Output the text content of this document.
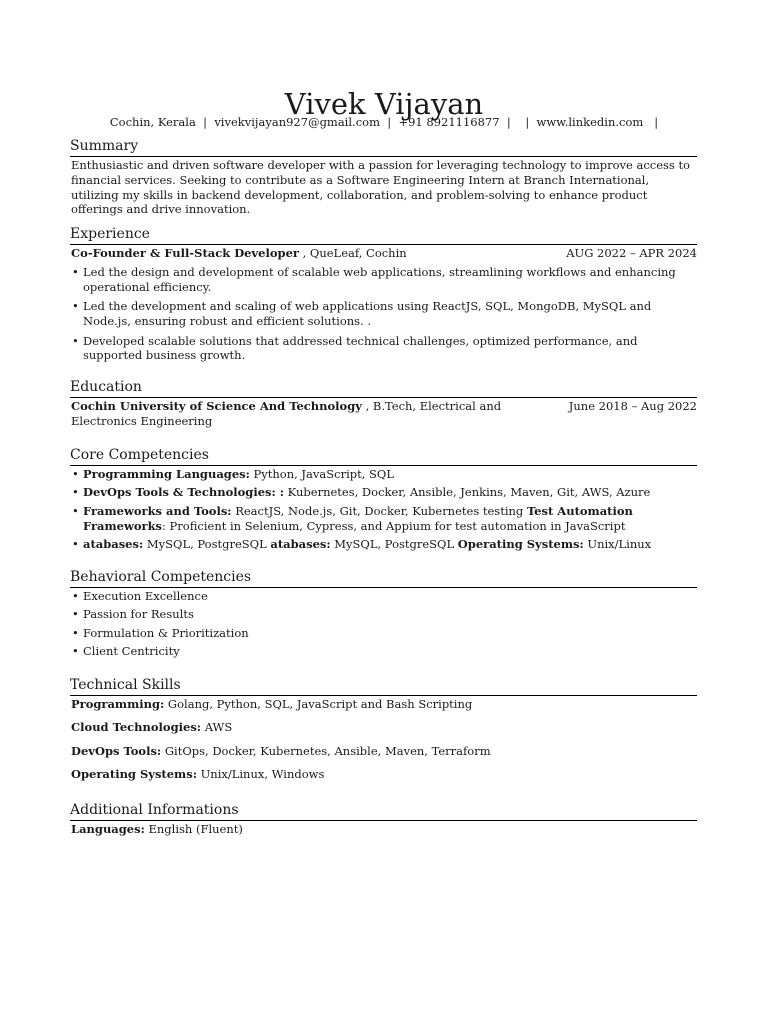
Vivek Vijayan
Cochin, Kerala  |  vivekvijayan927@gmail.com  |  +91 8921116877  |    |  www.linkedin.com   |
Summary
Enthusiastic and driven software developer with a passion for leveraging technology to improve access to financial services. Seeking to contribute as a Software Engineering Intern at Branch International, utilizing my skills in backend development, collaboration, and problem-solving to enhance product offerings and drive innovation.
Experience
Co-Founder & Full-Stack Developer , QueLeaf, Cochin	AUG 2022 – APR 2024
• Led the design and development of scalable web applications, streamlining workflows and enhancing operational efficiency.
• Led the development and scaling of web applications using ReactJS, SQL, MongoDB, MySQL and Node.js, ensuring robust and efficient solutions. .
• Developed scalable solutions that addressed technical challenges, optimized performance, and supported business growth.
Education
Cochin University of Science And Technology , B.Tech, Electrical and Electronics Engineering
June 2018 – Aug 2022
Core Competencies
• Programming Languages: Python, JavaScript, SQL
• DevOps Tools & Technologies: : Kubernetes, Docker, Ansible, Jenkins, Maven, Git, AWS, Azure
• Frameworks and Tools: ReactJS, Node.js, Git, Docker, Kubernetes testing Test Automation Frameworks: Proficient in Selenium, Cypress, and Appium for test automation in JavaScript
• atabases: MySQL, PostgreSQL atabases: MySQL, PostgreSQL Operating Systems: Unix/Linux
Behavioral Competencies
• Execution Excellence
• Passion for Results
• Formulation & Prioritization
• Client Centricity
Technical Skills
Programming: Golang, Python, SQL, JavaScript and Bash Scripting
Cloud Technologies: AWS
DevOps Tools: GitOps, Docker, Kubernetes, Ansible, Maven, Terraform
Operating Systems: Unix/Linux, Windows
Additional Informations
Languages: English (Fluent)
